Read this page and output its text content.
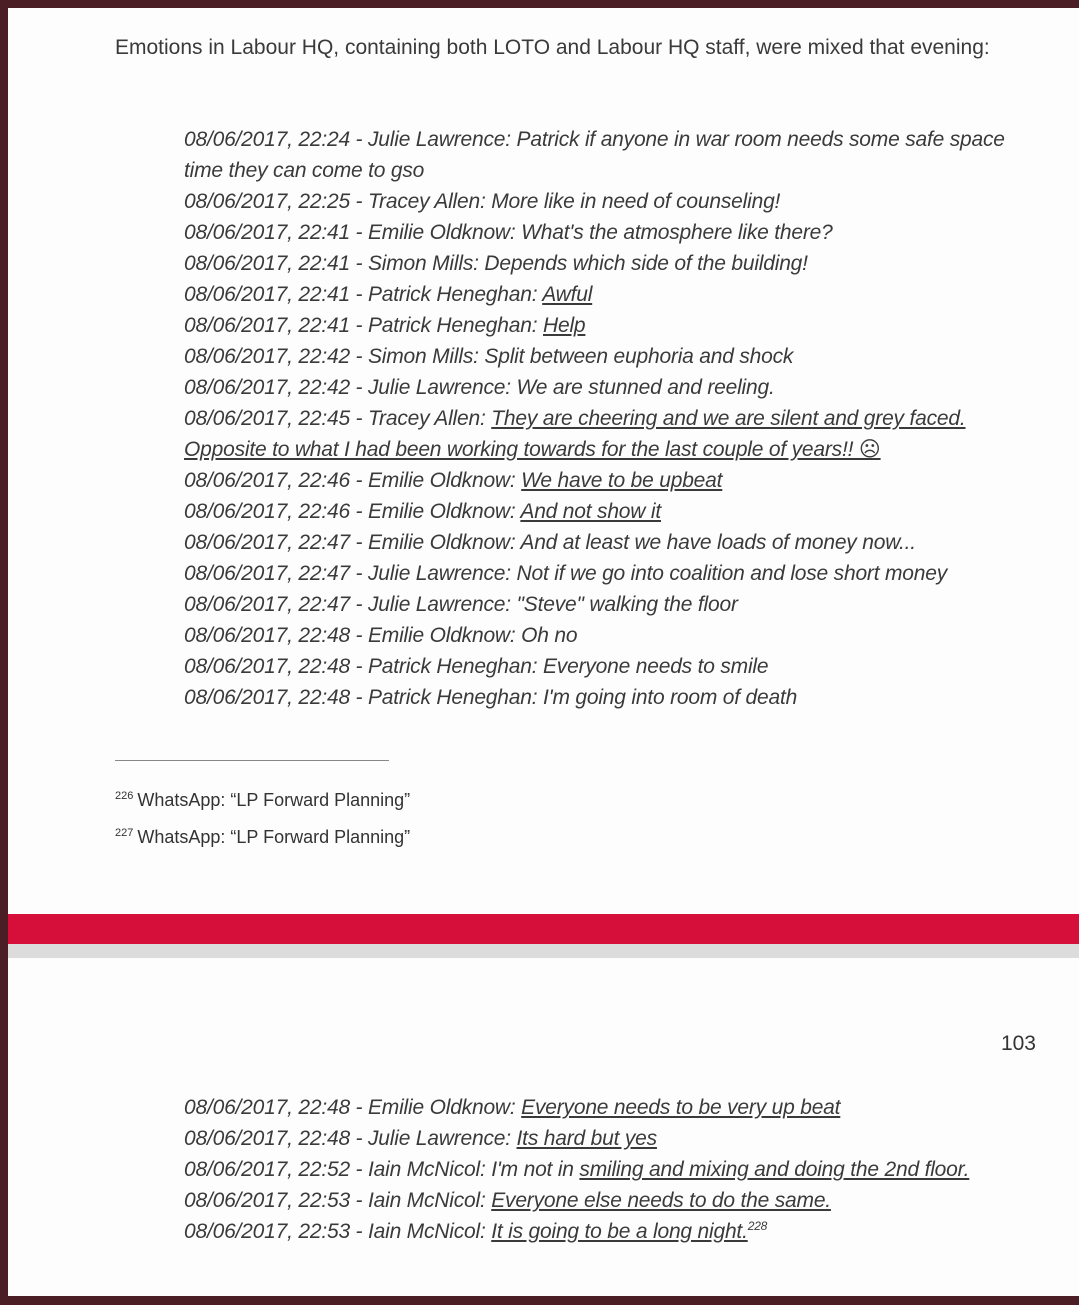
Emotions in Labour HQ, containing both LOTO and Labour HQ staff, were mixed that evening:

08/06/2017, 22:24 - Julie Lawrence: Patrick if anyone in war room needs some safe space time they can come to gso
08/06/2017, 22:25 - Tracey Allen: More like in need of counseling!
08/06/2017, 22:41 - Emilie Oldknow: What's the atmosphere like there?
08/06/2017, 22:41 - Simon Mills: Depends which side of the building!
08/06/2017, 22:41 - Patrick Heneghan: Awful
08/06/2017, 22:41 - Patrick Heneghan: Help
08/06/2017, 22:42 - Simon Mills: Split between euphoria and shock
08/06/2017, 22:42 - Julie Lawrence: We are stunned and reeling.
08/06/2017, 22:45 - Tracey Allen: They are cheering and we are silent and grey faced. Opposite to what I had been working towards for the last couple of years!! ☹
08/06/2017, 22:46 - Emilie Oldknow: We have to be upbeat
08/06/2017, 22:46 - Emilie Oldknow: And not show it
08/06/2017, 22:47 - Emilie Oldknow: And at least we have loads of money now...
08/06/2017, 22:47 - Julie Lawrence: Not if we go into coalition and lose short money
08/06/2017, 22:47 - Julie Lawrence: "Steve" walking the floor
08/06/2017, 22:48 - Emilie Oldknow: Oh no
08/06/2017, 22:48 - Patrick Heneghan: Everyone needs to smile
08/06/2017, 22:48 - Patrick Heneghan: I'm going into room of death
$^{226}$ WhatsApp: “LP Forward Planning”
$^{227}$ WhatsApp: “LP Forward Planning”
103
08/06/2017, 22:48 - Emilie Oldknow: Everyone needs to be very up beat
08/06/2017, 22:48 - Julie Lawrence: Its hard but yes
08/06/2017, 22:52 - Iain McNicol: I'm not in smiling and mixing and doing the 2nd floor.
08/06/2017, 22:53 - Iain McNicol: Everyone else needs to do the same.
08/06/2017, 22:53 - Iain McNicol: It is going to be a long night.$^{228}$
